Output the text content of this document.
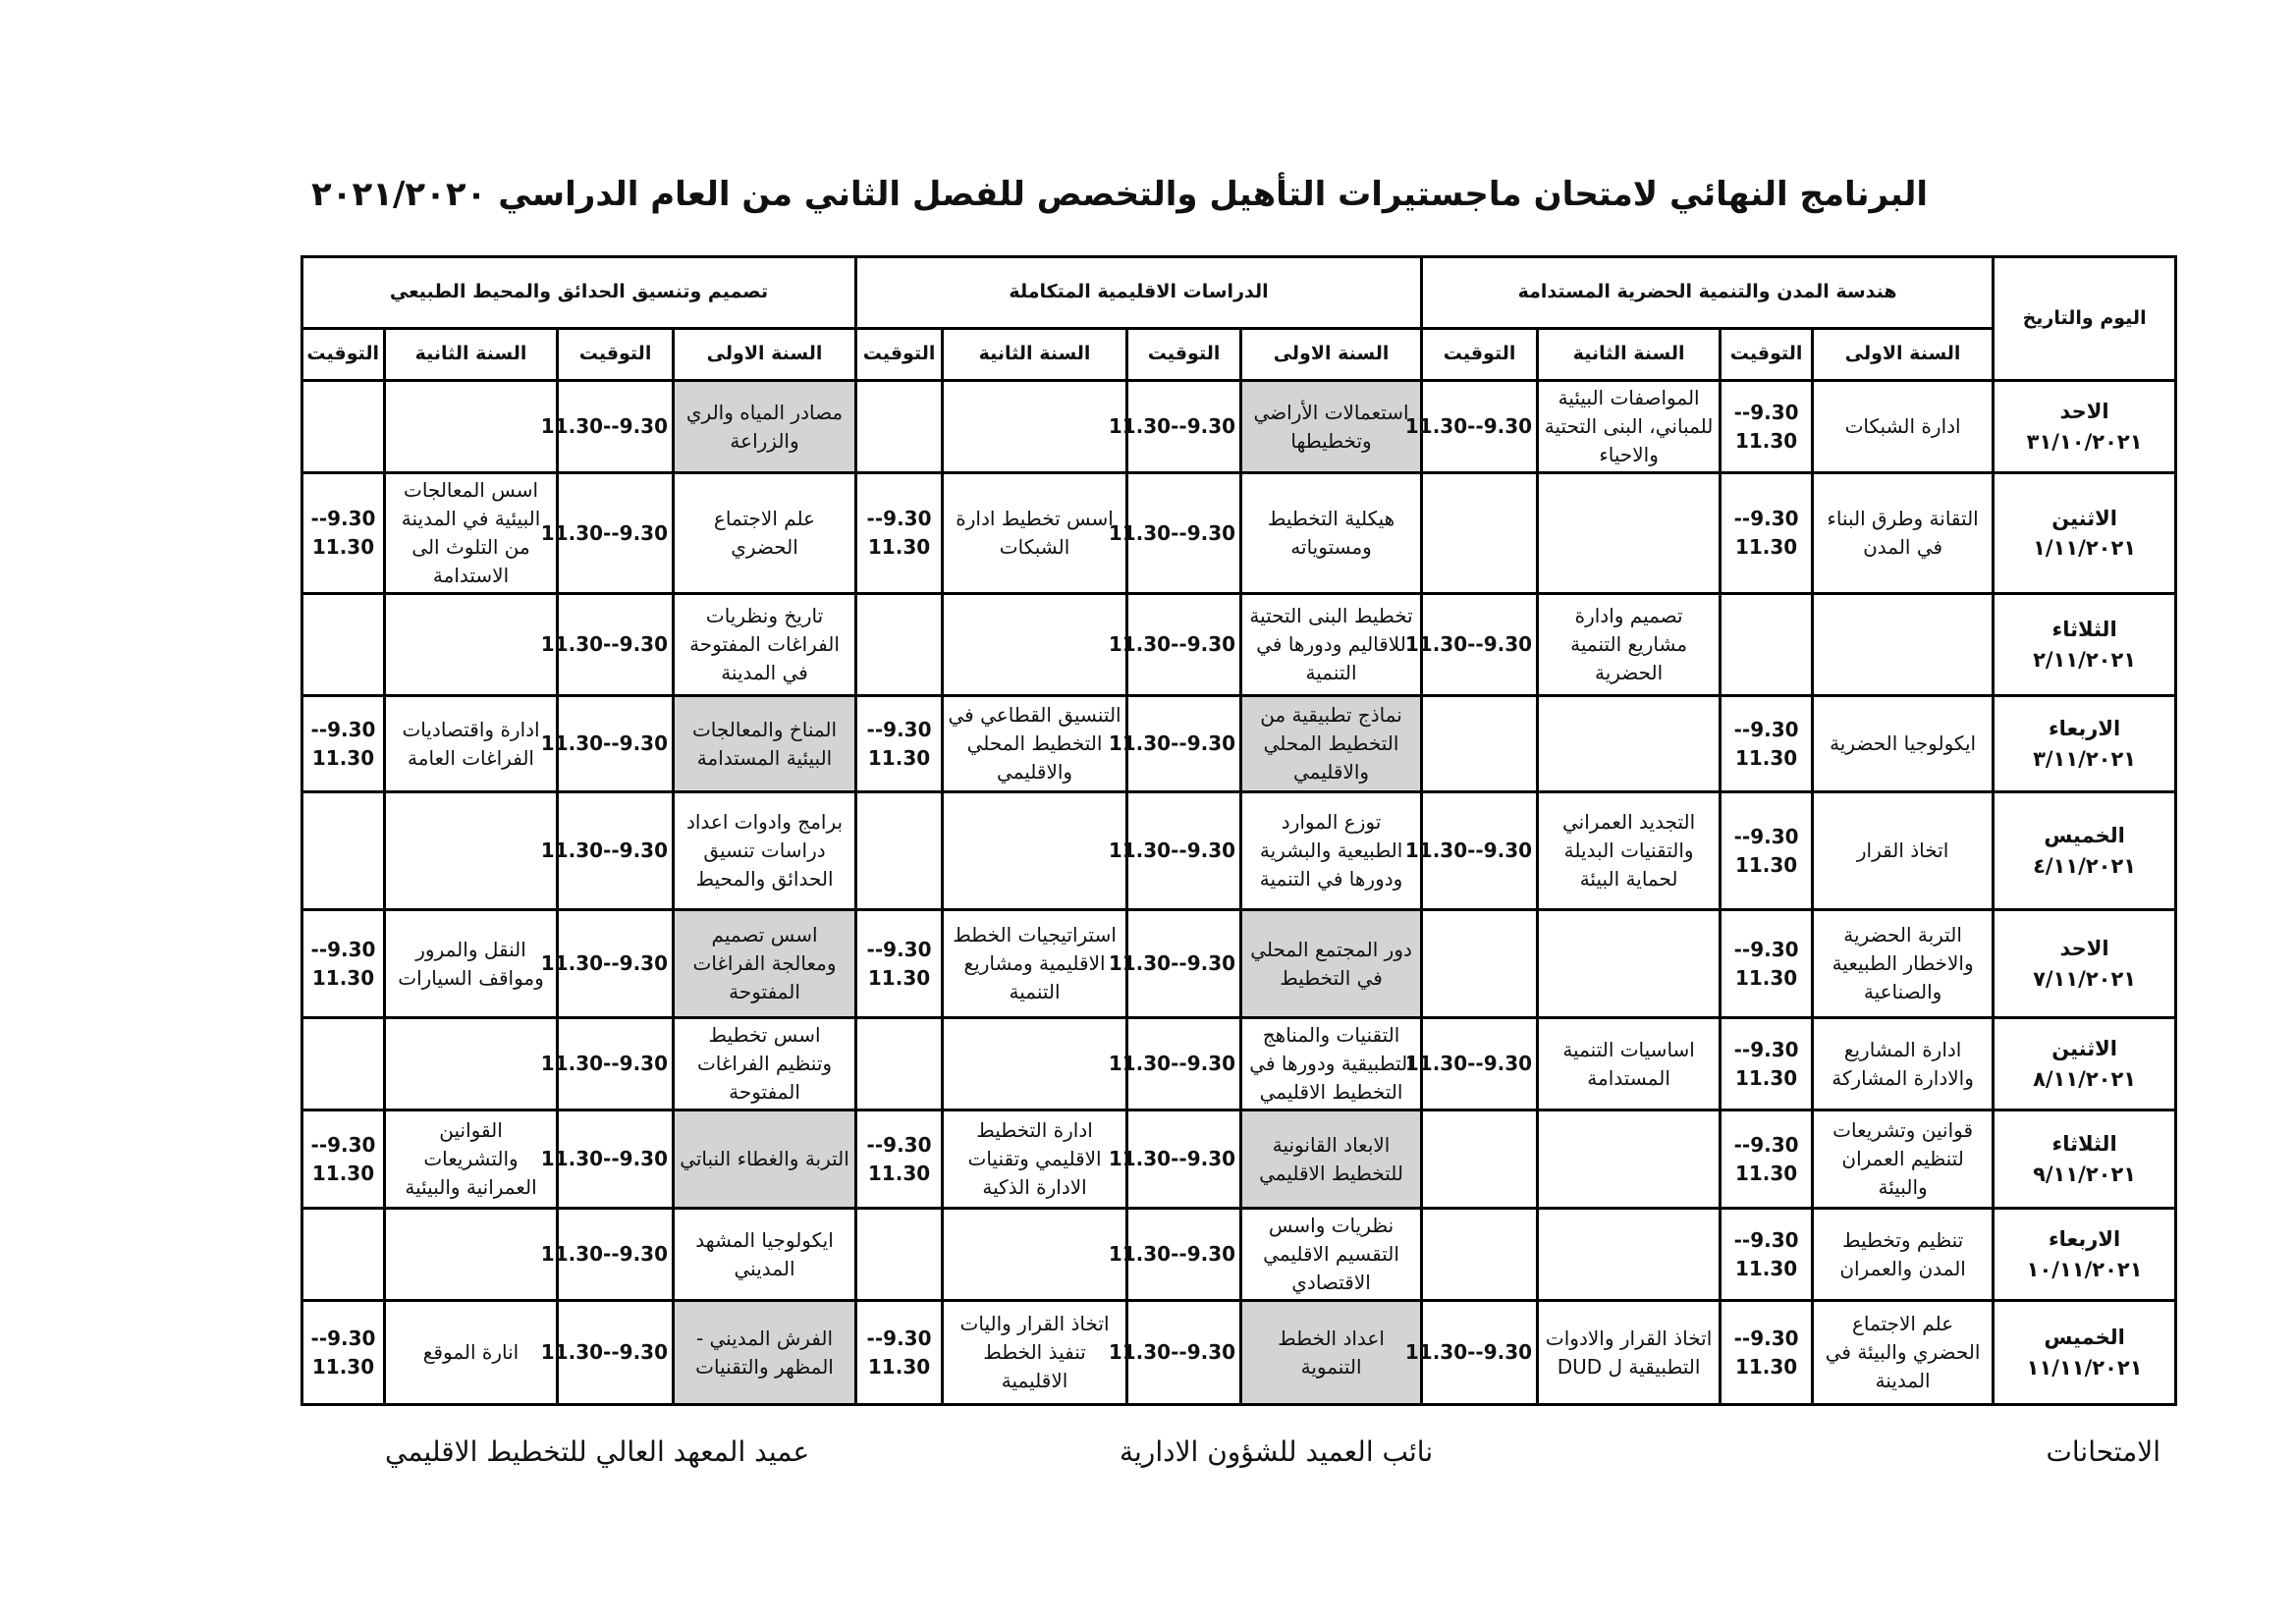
البرنامج النهائي لامتحان ماجستيرات التأهيل والتخصص للفصل الثاني من العام الدراسي ٢٠٢١/٢٠٢٠
اليوم والتاريخ	هندسة المدن والتنمية الحضرية المستدامة				الدراسات الاقليمية المتكاملة				تصميم وتنسيق الحدائق والمحيط الطبيعي			
	السنة الاولى	التوقيت	السنة الثانية	التوقيت	السنة الاولى	التوقيت	السنة الثانية	التوقيت	السنة الاولى	التوقيت	السنة الثانية	التوقيت

الاحد
٣١/١٠/٢٠٢١	ادارة الشبكات	9.30-- 11.30	المواصفات البيئية للمباني، البنى التحتية والاحياء	9.30--11.30	استعمالات الأراضي وتخطيطها	9.30--11.30			مصادر المياه والري والزراعة	9.30--11.30		

الاثنين
١/١١/٢٠٢١	التقانة وطرق البناء في المدن	9.30-- 11.30			هيكلية التخطيط ومستوياته	9.30--11.30	اسس تخطيط ادارة الشبكات	9.30-- 11.30	علم الاجتماع الحضري	9.30--11.30	اسس المعالجات البيئية في المدينة من التلوث الى الاستدامة	9.30-- 11.30

الثلاثاء
٢/١١/٢٠٢١			تصميم وادارة مشاريع التنمية الحضرية	9.30--11.30	تخطيط البنى التحتية للاقاليم ودورها في التنمية	9.30--11.30			تاريخ ونظريات الفراغات المفتوحة في المدينة	9.30--11.30		

الاربعاء
٣/١١/٢٠٢١	ايكولوجيا الحضرية	9.30-- 11.30			نماذج تطبيقية من التخطيط المحلي والاقليمي	9.30--11.30	التنسيق القطاعي في التخطيط المحلي والاقليمي	9.30-- 11.30	المناخ والمعالجات البيئية المستدامة	9.30--11.30	ادارة واقتصاديات الفراغات العامة	9.30-- 11.30

الخميس
٤/١١/٢٠٢١	اتخاذ القرار	9.30-- 11.30	التجديد العمراني والتقنيات البديلة لحماية البيئة	9.30--11.30	توزع الموارد الطبيعية والبشرية ودورها في التنمية	9.30--11.30			برامج وادوات اعداد دراسات تنسيق الحدائق والمحيط	9.30--11.30		

الاحد
٧/١١/٢٠٢١	التربة الحضرية والاخطار الطبيعية والصناعية	9.30-- 11.30			دور المجتمع المحلي في التخطيط	9.30--11.30	استراتيجيات الخطط الاقليمية ومشاريع التنمية	9.30-- 11.30	اسس تصميم ومعالجة الفراغات المفتوحة	9.30--11.30	النقل والمرور ومواقف السيارات	9.30-- 11.30

الاثنين
٨/١١/٢٠٢١	ادارة المشاريع والادارة المشاركة	9.30-- 11.30	اساسيات التنمية المستدامة	9.30--11.30	التقنيات والمناهج التطبيقية ودورها في التخطيط الاقليمي	9.30--11.30			اسس تخطيط وتنظيم الفراغات المفتوحة	9.30--11.30		

الثلاثاء
٩/١١/٢٠٢١	قوانين وتشريعات لتنظيم العمران والبيئة	9.30-- 11.30			الابعاد القانونية للتخطيط الاقليمي	9.30--11.30	ادارة التخطيط الاقليمي وتقنيات الادارة الذكية	9.30-- 11.30	التربة والغطاء النباتي	9.30--11.30	القوانين والتشريعات العمرانية والبيئية	9.30-- 11.30

الاربعاء
١٠/١١/٢٠٢١	تنظيم وتخطيط المدن والعمران	9.30-- 11.30			نظريات واسس التقسيم الاقليمي الاقتصادي	9.30--11.30			ايكولوجيا المشهد المديني	9.30--11.30		

الخميس
١١/١١/٢٠٢١	علم الاجتماع الحضري والبيئة في المدينة	9.30-- 11.30	اتخاذ القرار والادوات التطبيقية ل DUD	9.30--11.30	اعداد الخطط التنموية	9.30--11.30	اتخاذ القرار واليات تنفيذ الخطط الاقليمية	9.30-- 11.30	الفرش المديني - المظهر والتقنيات	9.30--11.30	انارة الموقع	9.30-- 11.30
الامتحانات
نائب العميد للشؤون الادارية
عميد المعهد العالي للتخطيط الاقليمي
